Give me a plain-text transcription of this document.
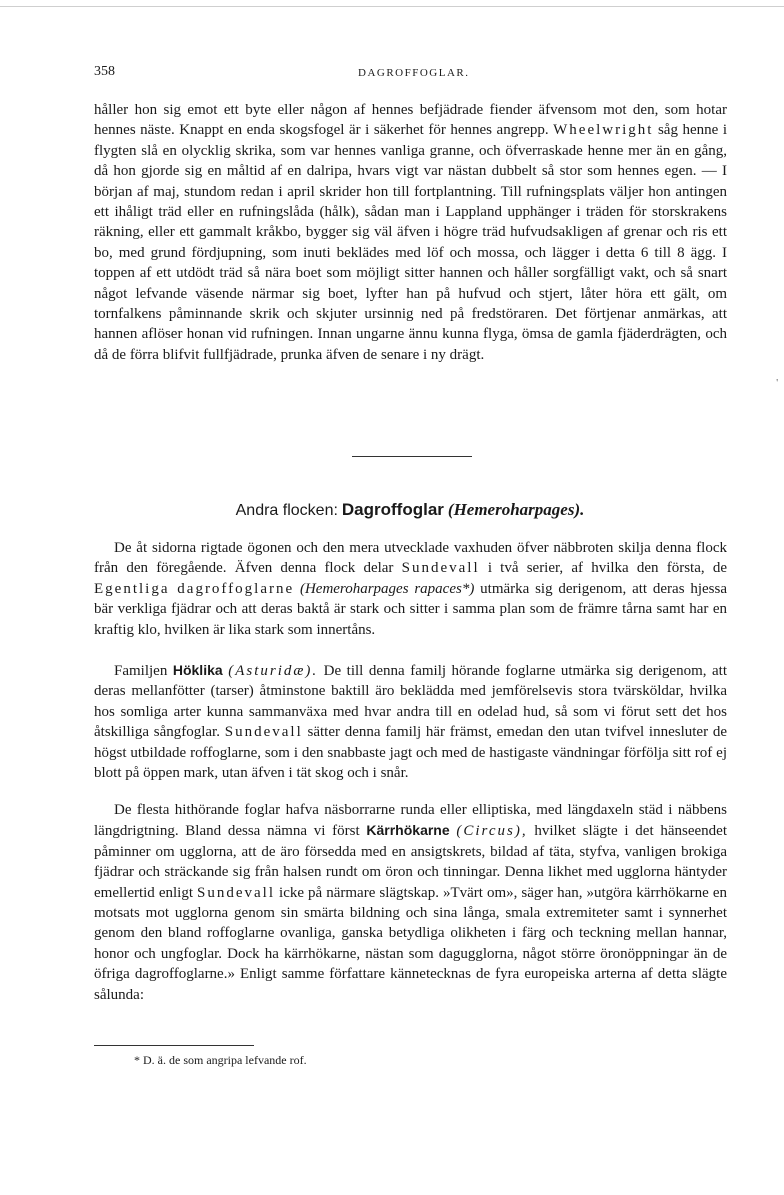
'
358	DAGROFFOGLAR.

håller hon sig emot ett byte eller någon af hennes befjädrade fiender äfvensom mot den, som hotar hennes näste. Knappt en enda skogsfogel är i säkerhet för hennes angrepp. Wheelwright såg henne i flygten slå en olycklig skrika, som var hennes vanliga granne, och öfverraskade henne mer än en gång, då hon gjorde sig en måltid af en dalripa, hvars vigt var nästan dubbelt så stor som hennes egen. — I början af maj, stundom redan i april skrider hon till fortplantning. Till rufningsplats väljer hon antingen ett ihåligt träd eller en rufningslåda (hålk), sådan man i Lappland upphänger i träden för storskrakens räkning, eller ett gammalt kråkbo, bygger sig väl äfven i högre träd hufvudsakligen af grenar och ris ett bo, med grund fördjupning, som inuti beklädes med löf och mossa, och lägger i detta 6 till 8 ägg. I toppen af ett utdödt träd så nära boet som möjligt sitter hannen och håller sorgfälligt vakt, och så snart något lefvande väsende närmar sig boet, lyfter han på hufvud och stjert, låter höra ett gält, om tornfalkens påminnande skrik och skjuter ursinnig ned på fredstöraren. Det förtjenar anmärkas, att hannen aflöser honan vid rufningen. Innan ungarne ännu kunna flyga, ömsa de gamla fjäderdrägten, och då de förra blifvit fullfjädrade, prunka äfven de senare i ny drägt.

Andra flocken: Dagroffoglar (Hemeroharpages).

De åt sidorna rigtade ögonen och den mera utvecklade vaxhuden öfver näbbroten skilja denna flock från den föregående. Äfven denna flock delar Sundevall i två serier, af hvilka den första, de Egentliga dagroffoglarne (Hemeroharpages rapaces*) utmärka sig derigenom, att deras hjessa bär verkliga fjädrar och att deras baktå är stark och sitter i samma plan som de främre tårna samt har en kraftig klo, hvilken är lika stark som innertåns.

Familjen Höklika (Asturidæ). De till denna familj hörande foglarne utmärka sig derigenom, att deras mellanfötter (tarser) åtminstone baktill äro beklädda med jemförelsevis stora tvärsköldar, hvilka hos somliga arter kunna sammanväxa med hvar andra till en odelad hud, så som vi förut sett det hos åtskilliga sångfoglar. Sundevall sätter denna familj här främst, emedan den utan tvifvel innesluter de högst utbildade roffoglarne, som i den snabbaste jagt och med de hastigaste vändningar förfölja sitt rof ej blott på öppen mark, utan äfven i tät skog och i snår.

De flesta hithörande foglar hafva näsborrarne runda eller elliptiska, med längdaxeln städ i näbbens längdrigtning. Bland dessa nämna vi först Kärrhökarne (Circus), hvilket slägte i det hänseendet påminner om ugglorna, att de äro försedda med en ansigtskrets, bildad af täta, styfva, vanligen brokiga fjädrar och sträckande sig från halsen rundt om öron och tinningar. Denna likhet med ugglorna häntyder emellertid enligt Sundevall icke på närmare slägtskap. »Tvärt om», säger han, »utgöra kärrhökarne en motsats mot ugglorna genom sin smärta bildning och sina långa, smala extremiteter samt i synnerhet genom den bland roffoglarne ovanliga, ganska betydliga olikheten i färg och teckning mellan hannar, honor och ungfoglar. Dock ha kärrhökarne, nästan som dagugglorna, något större öronöppningar än de öfriga dagroffoglarne.» Enligt samme författare kännetecknas de fyra europeiska arterna af detta slägte sålunda:

* D. ä. de som angripa lefvande rof.
